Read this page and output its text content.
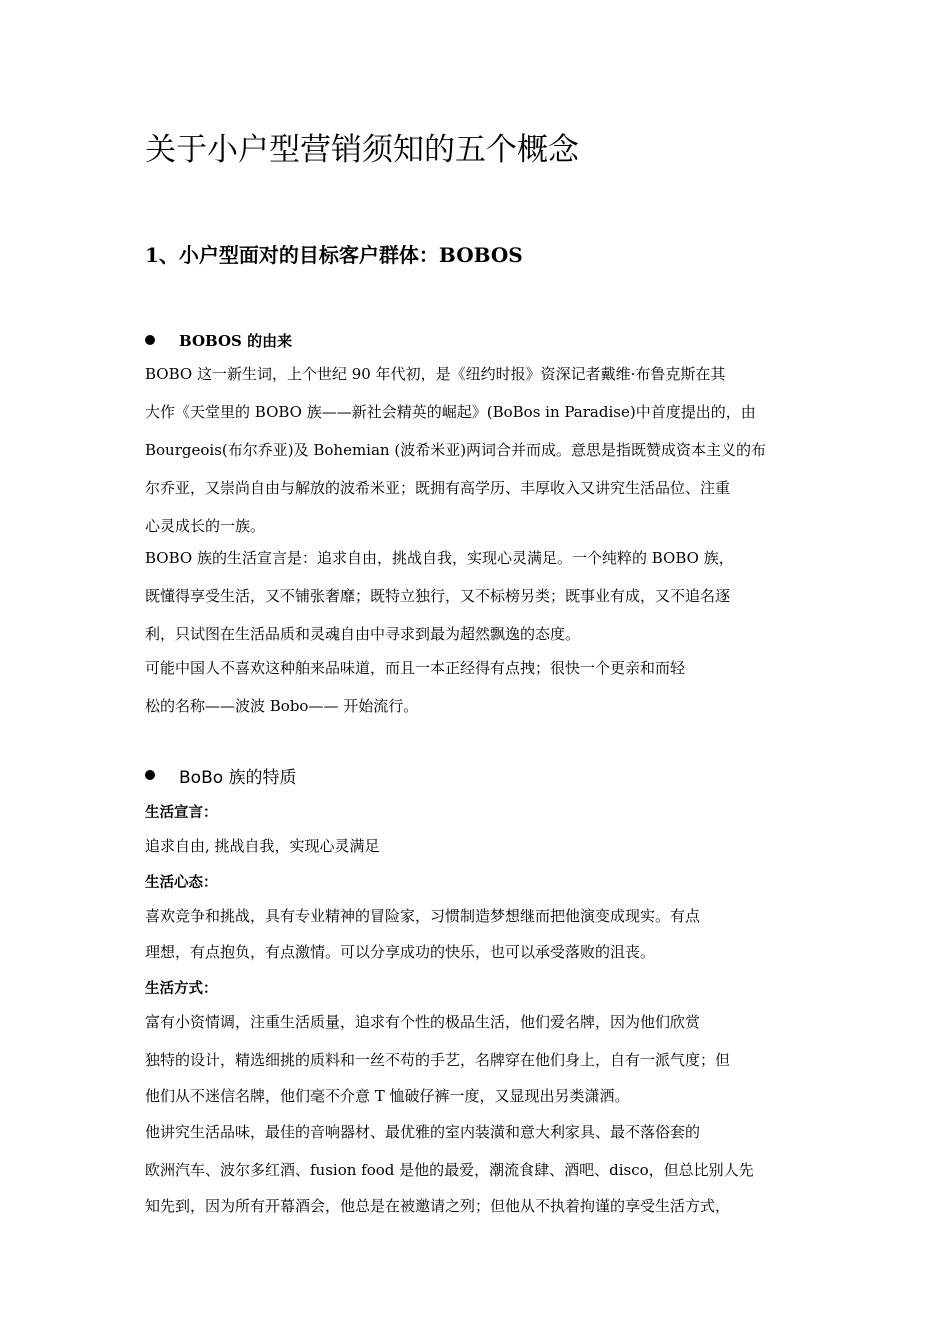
关于小户型营销须知的五个概念
1、小户型面对的目标客户群体：BOBOS
BOBOS 的由来
BOBO 这一新生词，上个世纪 90 年代初，是《纽约时报》资深记者戴维·布鲁克斯在其
大作《天堂里的 BOBO 族——新社会精英的崛起》(BoBos in Paradise)中首度提出的，由
Bourgeois(布尔乔亚)及 Bohemian (波希米亚)两词合并而成。意思是指既赞成资本主义的布
尔乔亚，又崇尚自由与解放的波希米亚；既拥有高学历、丰厚收入又讲究生活品位、注重
心灵成长的一族。
BOBO 族的生活宣言是：追求自由，挑战自我，实现心灵满足。一个纯粹的 BOBO 族，
既懂得享受生活，又不铺张奢靡；既特立独行，又不标榜另类；既事业有成，又不追名逐
利，只试图在生活品质和灵魂自由中寻求到最为超然飘逸的态度。
可能中国人不喜欢这种舶来品味道，而且一本正经得有点拽；很快一个更亲和而轻
松的名称——波波 Bobo—— 开始流行。
BoBo 族的特质
生活宣言：
追求自由, 挑战自我，实现心灵满足
生活心态：
喜欢竞争和挑战，具有专业精神的冒险家，习惯制造梦想继而把他演变成现实。有点
理想，有点抱负，有点激情。可以分享成功的快乐，也可以承受落败的沮丧。
生活方式：
富有小资情调，注重生活质量，追求有个性的极品生活，他们爱名牌，因为他们欣赏
独特的设计，精选细挑的质料和一丝不苟的手艺，名牌穿在他们身上，自有一派气度；但
他们从不迷信名牌，他们毫不介意 T 恤破仔裤一度，又显现出另类潇洒。
他讲究生活品味，最佳的音响器材、最优雅的室内装潢和意大利家具、最不落俗套的
欧洲汽车、波尔多红酒、fusion food 是他的最爱，潮流食肆、酒吧、disco，但总比别人先
知先到，因为所有开幕酒会，他总是在被邀请之列；但他从不执着拘谨的享受生活方式，
